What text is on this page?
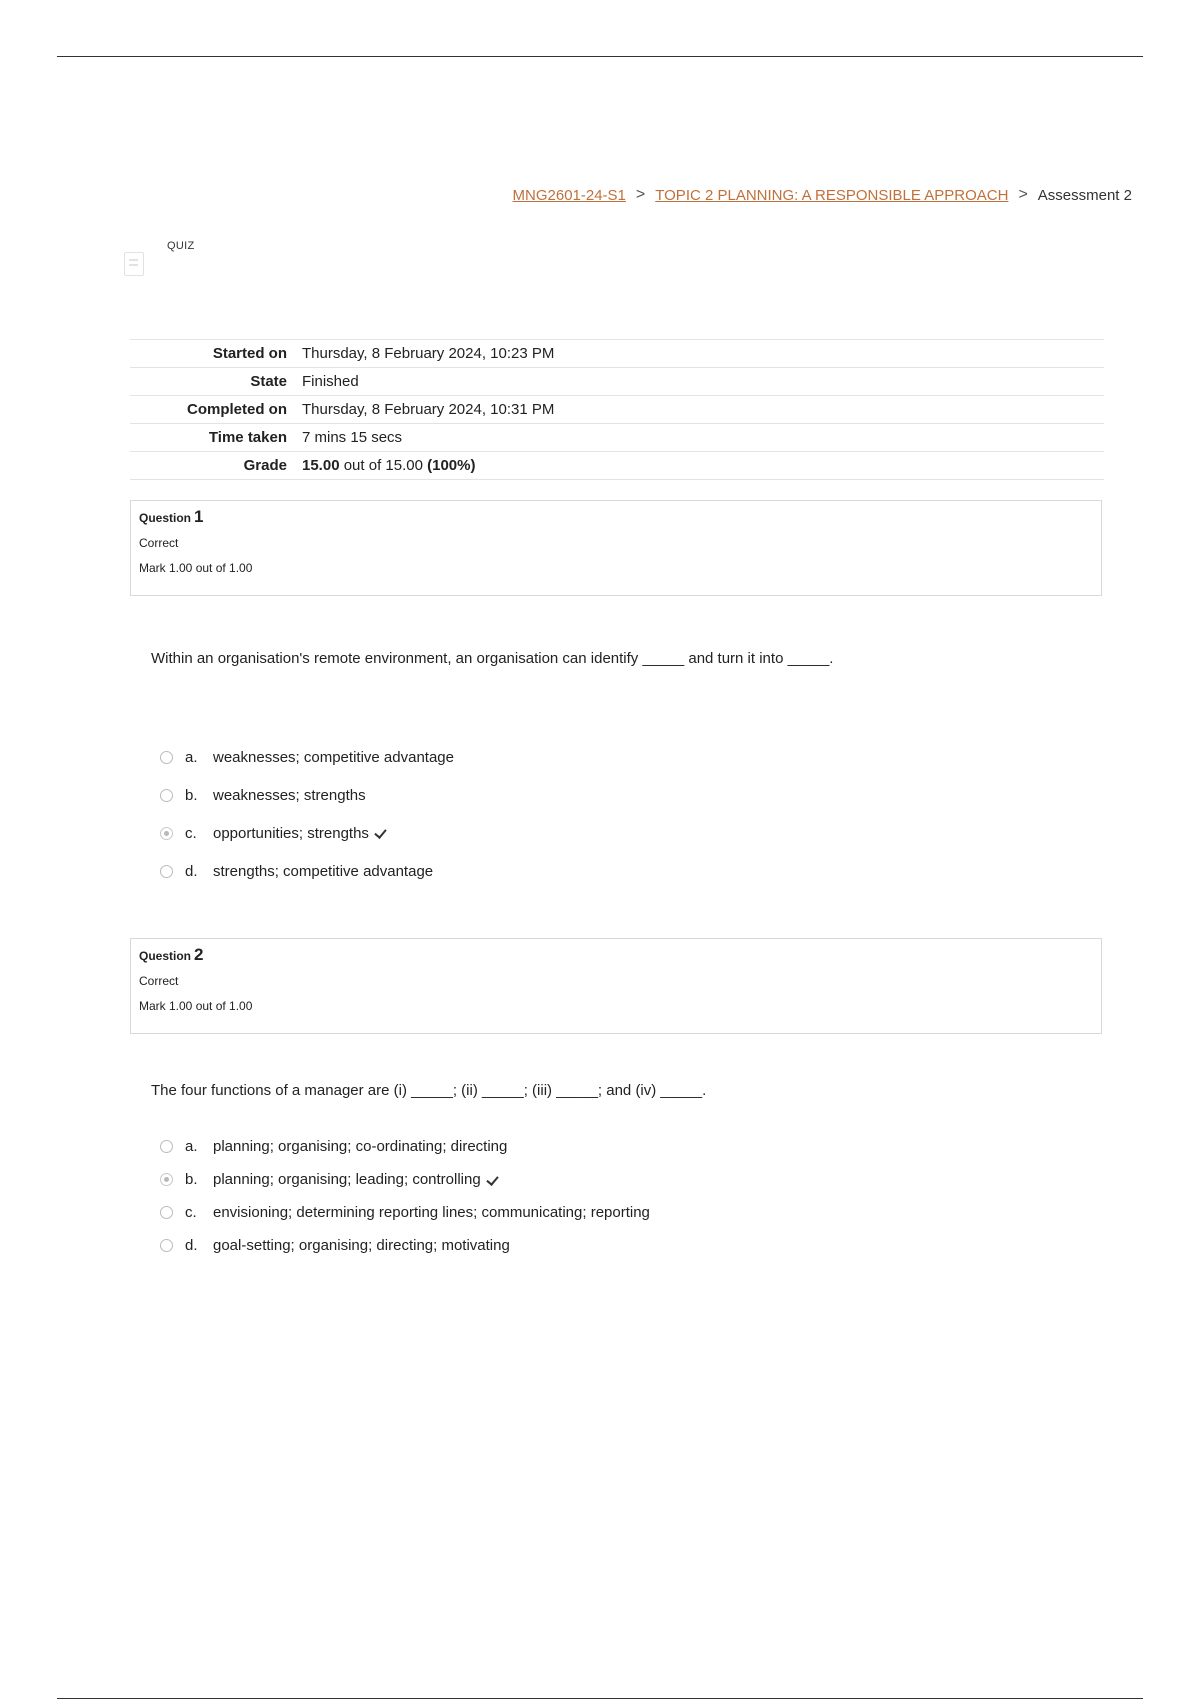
MNG2601-24-S1 > TOPIC 2 PLANNING: A RESPONSIBLE APPROACH > Assessment 2
QUIZ
Started on	Thursday, 8 February 2024, 10:23 PM
State	Finished
Completed on	Thursday, 8 February 2024, 10:31 PM
Time taken	7 mins 15 secs
Grade	15.00 out of 15.00 (100%)
Question 1
Correct
Mark 1.00 out of 1.00
Within an organisation's remote environment, an organisation can identify _____ and turn it into _____.
a.	weaknesses; competitive advantage
b.	weaknesses; strengths
c.	opportunities; strengths
d.	strengths; competitive advantage
Question 2
Correct
Mark 1.00 out of 1.00
The four functions of a manager are (i) _____; (ii) _____; (iii) _____; and (iv) _____.
a.	planning; organising; co-ordinating; directing
b.	planning; organising; leading; controlling
c.	envisioning; determining reporting lines; communicating; reporting
d.	goal-setting; organising; directing; motivating
